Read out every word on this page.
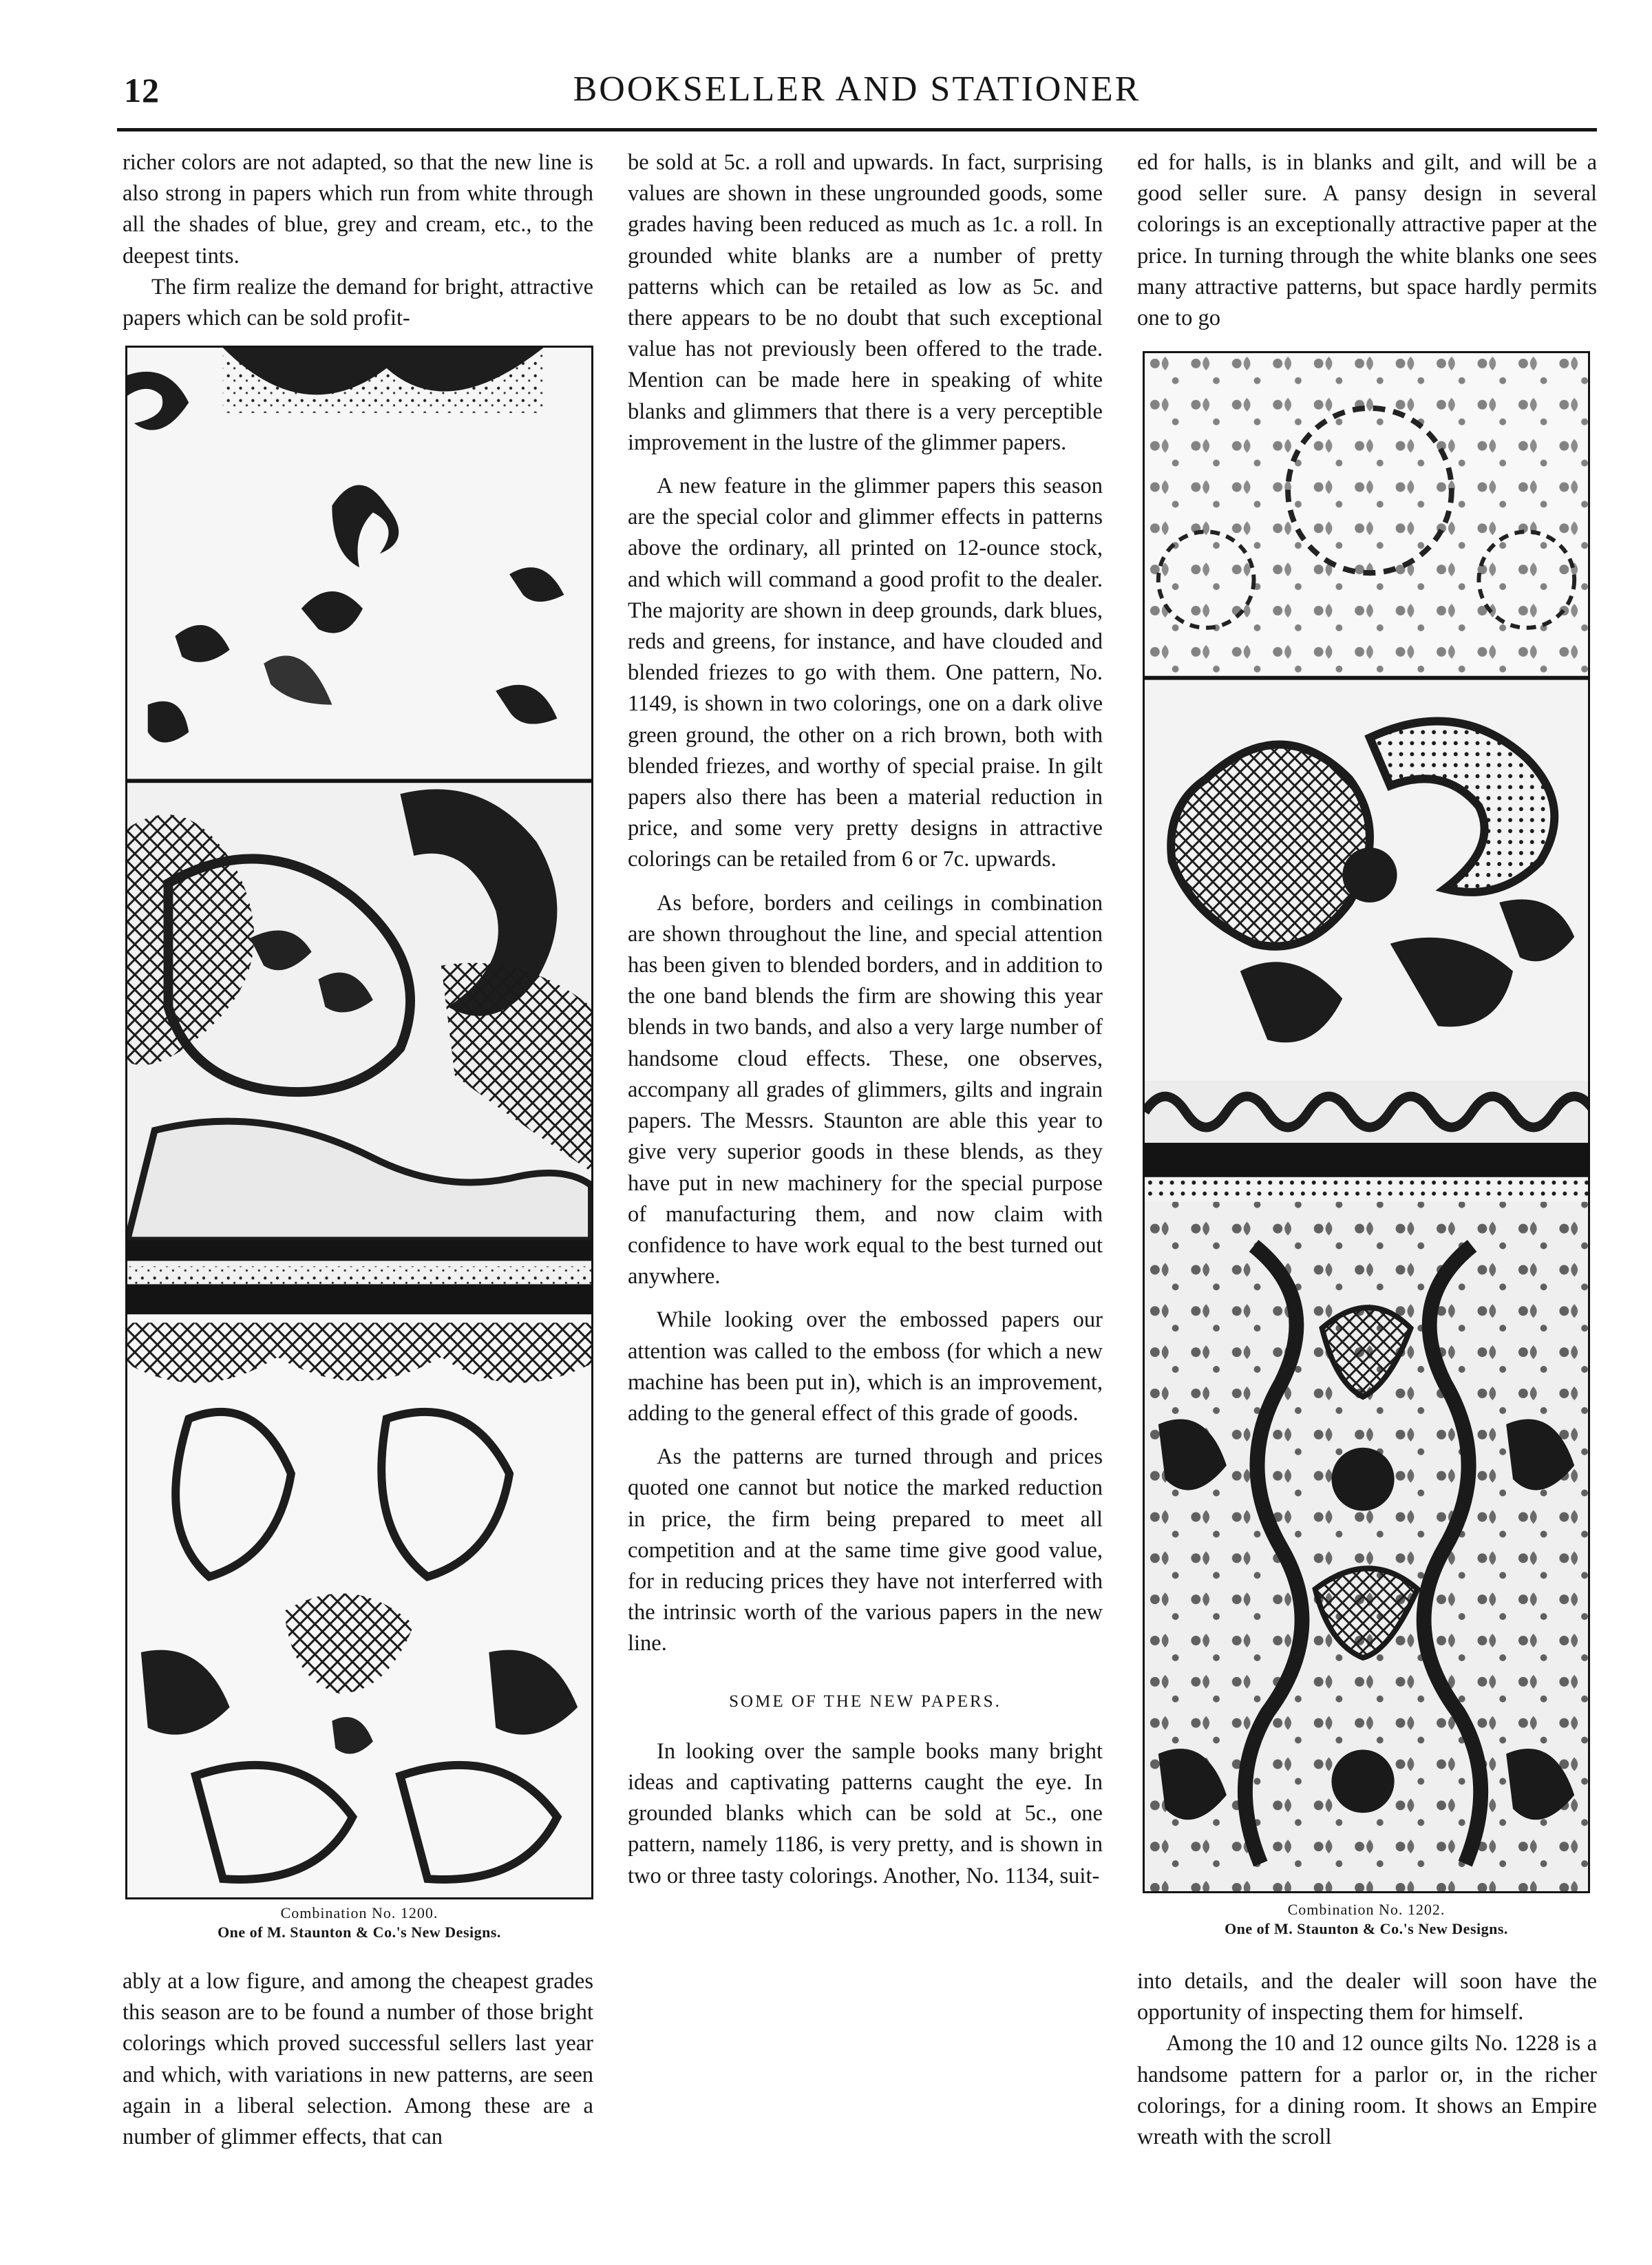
12	BOOKSELLER AND STATIONER

richer colors are not adapted, so that the new line is also strong in papers which run from white through all the shades of blue, grey and cream, etc., to the deepest tints.

The firm realize the demand for bright, attractive papers which can be sold profit-

Combination No. 1200.
One of M. Staunton & Co.'s New Designs.

ably at a low figure, and among the cheapest grades this season are to be found a number of those bright colorings which proved successful sellers last year and which, with variations in new patterns, are seen again in a liberal selection. Among these are a number of glimmer effects, that can

be sold at 5c. a roll and upwards. In fact, surprising values are shown in these ungrounded goods, some grades having been reduced as much as 1c. a roll. In grounded white blanks are a number of pretty patterns which can be retailed as low as 5c. and there appears to be no doubt that such exceptional value has not previously been offered to the trade. Mention can be made here in speaking of white blanks and glimmers that there is a very perceptible improvement in the lustre of the glimmer papers.

A new feature in the glimmer papers this season are the special color and glimmer effects in patterns above the ordinary, all printed on 12-ounce stock, and which will command a good profit to the dealer. The majority are shown in deep grounds, dark blues, reds and greens, for instance, and have clouded and blended friezes to go with them. One pattern, No. 1149, is shown in two colorings, one on a dark olive green ground, the other on a rich brown, both with blended friezes, and worthy of special praise. In gilt papers also there has been a material reduction in price, and some very pretty designs in attractive colorings can be retailed from 6 or 7c. upwards.

As before, borders and ceilings in combination are shown throughout the line, and special attention has been given to blended borders, and in addition to the one band blends the firm are showing this year blends in two bands, and also a very large number of handsome cloud effects. These, one observes, accompany all grades of glimmers, gilts and ingrain papers. The Messrs. Staunton are able this year to give very superior goods in these blends, as they have put in new machinery for the special purpose of manufacturing them, and now claim with confidence to have work equal to the best turned out anywhere.

While looking over the embossed papers our attention was called to the emboss (for which a new machine has been put in), which is an improvement, adding to the general effect of this grade of goods.

As the patterns are turned through and prices quoted one cannot but notice the marked reduction in price, the firm being prepared to meet all competition and at the same time give good value, for in reducing prices they have not interferred with the intrinsic worth of the various papers in the new line.

SOME OF THE NEW PAPERS.

In looking over the sample books many bright ideas and captivating patterns caught the eye. In grounded blanks which can be sold at 5c., one pattern, namely 1186, is very pretty, and is shown in two or three tasty colorings. Another, No. 1134, suit-

ed for halls, is in blanks and gilt, and will be a good seller sure. A pansy design in several colorings is an exceptionally attractive paper at the price. In turning through the white blanks one sees many attractive patterns, but space hardly permits one to go

Combination No. 1202.
One of M. Staunton & Co.'s New Designs.

into details, and the dealer will soon have the opportunity of inspecting them for himself.

Among the 10 and 12 ounce gilts No. 1228 is a handsome pattern for a parlor or, in the richer colorings, for a dining room. It shows an Empire wreath with the scroll
